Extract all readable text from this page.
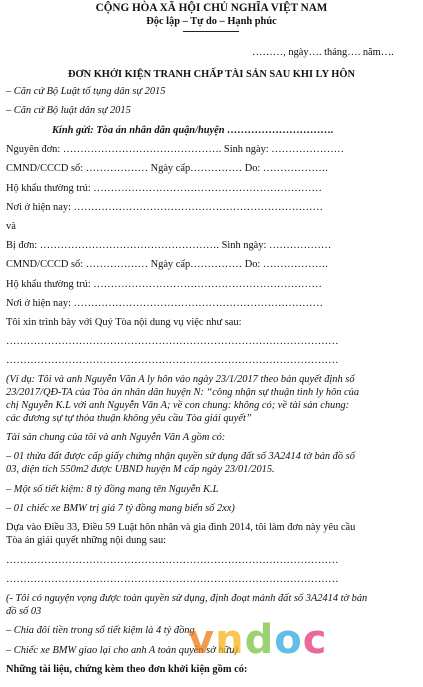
CỘNG HÒA XÃ HỘI CHỦ NGHĨA VIỆT NAM
Độc lập – Tự do – Hạnh phúc
………, ngày…. tháng…. năm….
ĐƠN KHỞI KIỆN TRANH CHẤP TÀI SẢN SAU KHI LY HÔN
– Căn cứ Bộ Luật tố tụng dân sự 2015
– Căn cứ Bộ luật dân sự 2015
Kính gửi: Tòa án nhân dân quận/huyện ………………………….
Nguyên đơn: ………………………………………. Sinh ngày: …………………
CMND/CCCD số: ……………… Ngày cấp…………… Do: ……………….
Hộ khẩu thường trú: …………………………………………………………
Nơi ở hiện nay: ………………………………………………………………
và
Bị đơn: ……………………………………………. Sinh ngày: ………………
CMND/CCCD số: ……………… Ngày cấp…………… Do: ……………….
Hộ khẩu thường trú: …………………………………………………………
Nơi ở hiện nay: ………………………………………………………………
Tôi xin trình bày với Quý Tòa nội dung vụ việc như sau:
……………………………………………………………………………………
……………………………………………………………………………………
(Ví dụ: Tôi và anh Nguyễn Văn A ly hôn vào ngày 23/1/2017 theo bản quyết định số
23/2017/QĐ-TA của Tòa án nhân dân huyện N: “công nhận sự thuận tình ly hôn của
chị Nguyễn K.L với anh Nguyễn Văn A; về con chung: không có; về tài sản chung:
các đương sự tự thỏa thuận không yêu cầu Tòa giải quyết”
Tài sản chung của tôi và anh Nguyễn Văn A gồm có:
– 01 thửa đất được cấp giấy chứng nhận quyền sử dụng đất số 3A2414 tờ bản đồ số
03, diện tích 550m2 được UBND huyện M cấp ngày 23/01/2015.
– Một số tiết kiệm: 8 tỷ đồng mang tên Nguyễn K.L
– 01 chiếc xe BMW trị giá 7 tỷ đồng mang biển số 2xx)
Dựa vào Điều 33, Điều 59 Luật hôn nhân và gia đình 2014, tôi làm đơn này yêu cầu
Tòa án giải quyết những nội dung sau:
……………………………………………………………………………………
……………………………………………………………………………………
(- Tôi có nguyện vọng được toàn quyền sử dụng, định đoạt mảnh đất số 3A2414 tờ bản
đồ số 03
– Chia đôi tiền trong sổ tiết kiệm là 4 tỷ đồng
– Chiếc xe BMW giao lại cho anh A toàn quyền sở hữu)
Những tài liệu, chứng kèm theo đơn khởi kiện gồm có:
vndoc
